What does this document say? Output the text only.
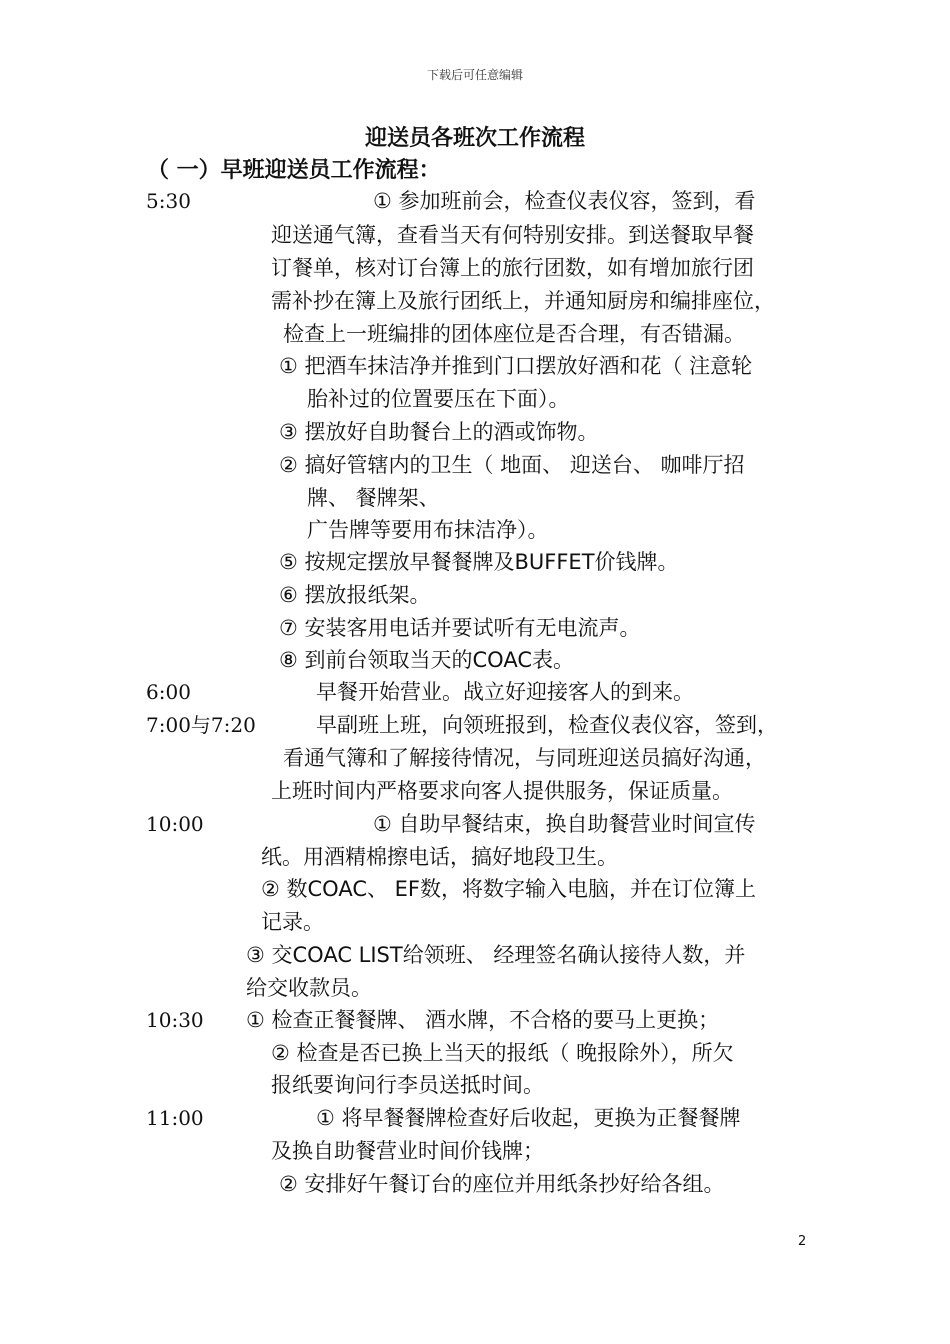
下载后可任意编辑
迎送员各班次工作流程
（ 一）早班迎送员工作流程：
5:30	① 参加班前会，检查仪表仪容，签到，看
迎送通气簿，查看当天有何特别安排。到送餐取早餐
订餐单，核对订台簿上的旅行团数，如有增加旅行团
需补抄在簿上及旅行团纸上，并通知厨房和编排座位，
检查上一班编排的团体座位是否合理，有否错漏。
① 把酒车抹洁净并推到门口摆放好酒和花（ 注意轮
胎补过的位置要压在下面）。
③ 摆放好自助餐台上的酒或饰物。
② 搞好管辖内的卫生（ 地面、 迎送台、 咖啡厅招
牌、 餐牌架、
广告牌等要用布抹洁净）。
⑤ 按规定摆放早餐餐牌及BUFFET价钱牌。
⑥ 摆放报纸架。
⑦ 安装客用电话并要试听有无电流声。
⑧ 到前台领取当天的COAC表。
6:00	早餐开始营业。战立好迎接客人的到来。
7:00与7:20	早副班上班，向领班报到，检查仪表仪容，签到，
看通气簿和了解接待情况，与同班迎送员搞好沟通，
上班时间内严格要求向客人提供服务，保证质量。
10:00	① 自助早餐结束，换自助餐营业时间宣传
纸。用酒精棉擦电话，搞好地段卫生。
② 数COAC、 EF数，将数字输入电脑，并在订位簿上
记录。
③ 交COAC LIST给领班、 经理签名确认接待人数，并
给交收款员。
10:30 ① 检查正餐餐牌、 酒水牌，不合格的要马上更换；
② 检查是否已换上当天的报纸（ 晚报除外），所欠
报纸要询问行李员送抵时间。
11:00	① 将早餐餐牌检查好后收起，更换为正餐餐牌
及换自助餐营业时间价钱牌；
② 安排好午餐订台的座位并用纸条抄好给各组。
2
